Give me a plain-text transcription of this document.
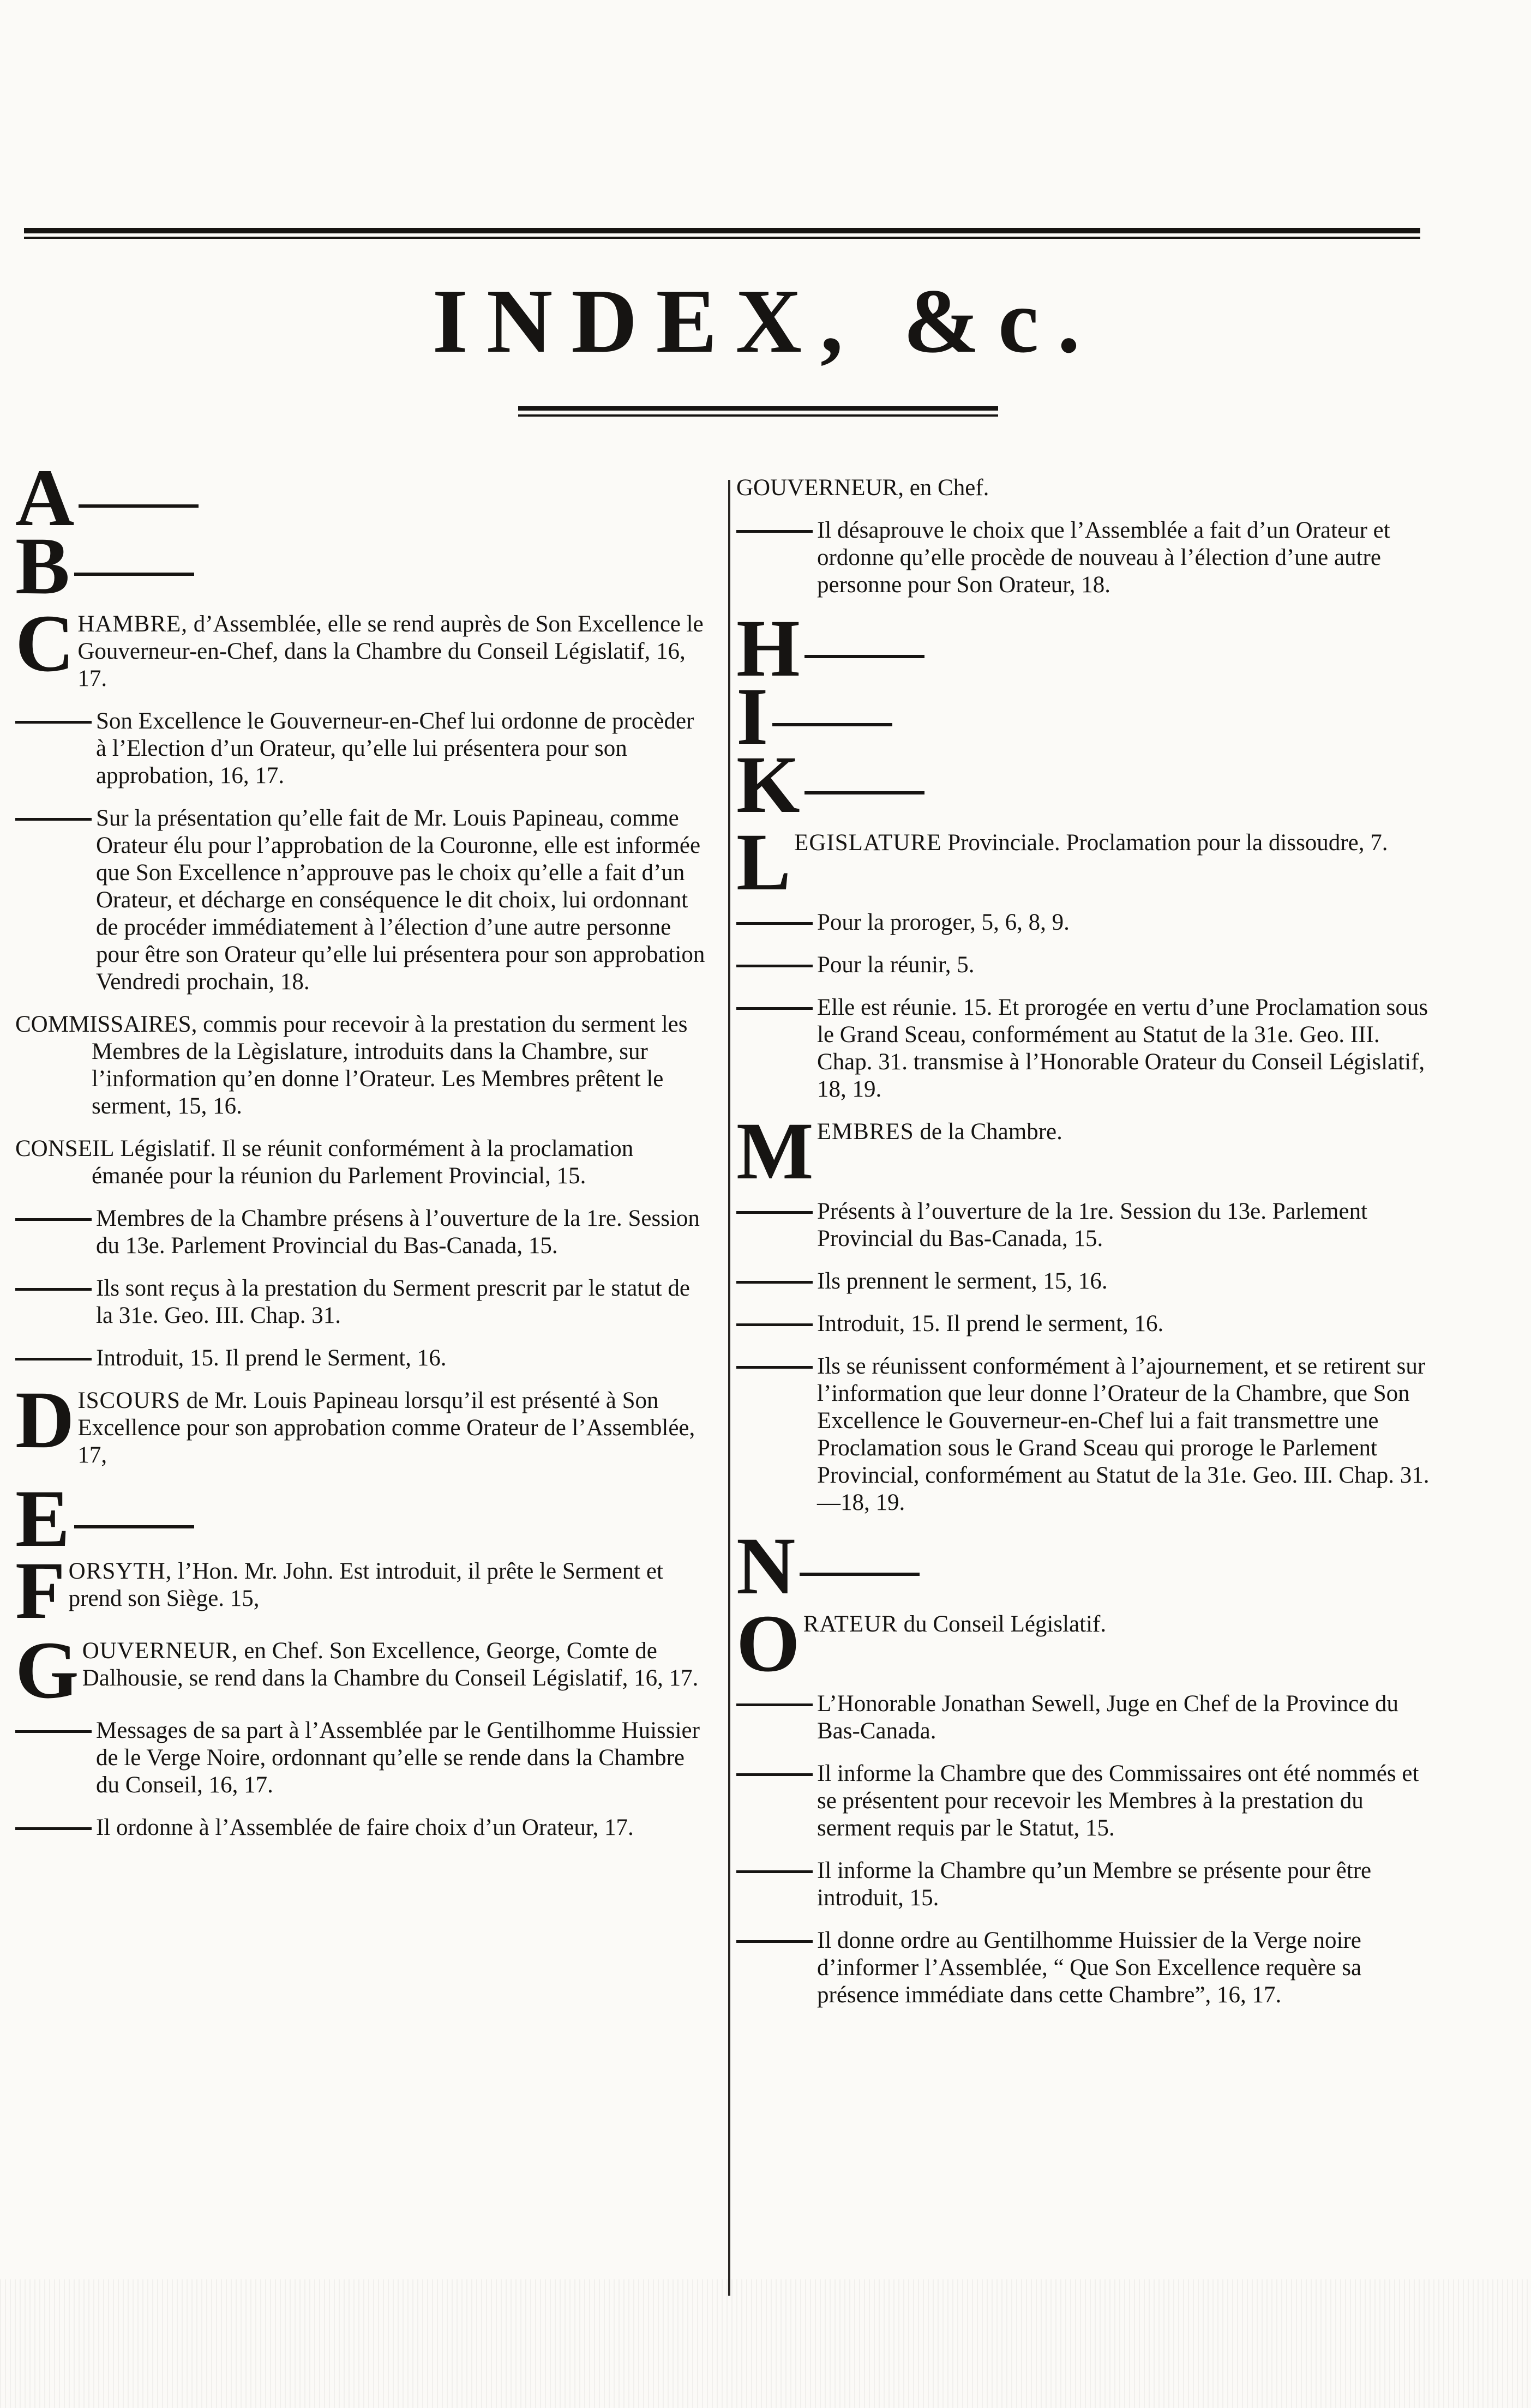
INDEX, &c.
A
B
C HAMBRE, d’Assemblée, elle se rend auprès de Son Excellence le Gouverneur-en-Chef, dans la Chambre du Conseil Législatif, 16, 17.
Son Excellence le Gouverneur-en-Chef lui ordonne de procèder à l’Election d’un Orateur, qu’elle lui présentera pour son approbation, 16, 17.
Sur la présentation qu’elle fait de Mr. Louis Papineau, comme Orateur élu pour l’approbation de la Couronne, elle est informée que Son Excellence n’approuve pas le choix qu’elle a fait d’un Orateur, et décharge en conséquence le dit choix, lui ordonnant de procéder immédiatement à l’élection d’une autre personne pour être son Orateur qu’elle lui présentera pour son approbation Vendredi prochain, 18.
COMMISSAIRES, commis pour recevoir à la prestation du serment les Membres de la Lègislature, introduits dans la Chambre, sur l’information qu’en donne l’Orateur. Les Membres prêtent le serment, 15, 16.
CONSEIL Législatif. Il se réunit conformément à la proclamation émanée pour la réunion du Parlement Provincial, 15.
Membres de la Chambre présens à l’ouverture de la 1re. Session du 13e. Parlement Provincial du Bas-Canada, 15.
Ils sont reçus à la prestation du Serment prescrit par le statut de la 31e. Geo. III. Chap. 31.
Introduit, 15. Il prend le Serment, 16.
D ISCOURS de Mr. Louis Papineau lorsqu’il est présenté à Son Excellence pour son approbation comme Orateur de l’Assemblée, 17,
E
F ORSYTH, l’Hon. Mr. John. Est introduit, il prête le Serment et prend son Siège. 15,
G OUVERNEUR, en Chef. Son Excellence, George, Comte de Dalhousie, se rend dans la Chambre du Conseil Législatif, 16, 17.
Messages de sa part à l’Assemblée par le Gentilhomme Huissier de le Verge Noire, ordonnant qu’elle se rende dans la Chambre du Conseil, 16, 17.
Il ordonne à l’Assemblée de faire choix d’un Orateur, 17.
GOUVERNEUR, en Chef.
Il désaprouve le choix que l’Assemblée a fait d’un Orateur et ordonne qu’elle procède de nouveau à l’élection d’une autre personne pour Son Orateur, 18.
H
I
K
L EGISLATURE Provinciale. Proclamation pour la dissoudre, 7.
Pour la proroger, 5, 6, 8, 9.
Pour la réunir, 5.
Elle est réunie. 15. Et prorogée en vertu d’une Proclamation sous le Grand Sceau, conformément au Statut de la 31e. Geo. III. Chap. 31. transmise à l’Honorable Orateur du Conseil Législatif, 18, 19.
M EMBRES de la Chambre.
Présents à l’ouverture de la 1re. Session du 13e. Parlement Provincial du Bas-Canada, 15.
Ils prennent le serment, 15, 16.
Introduit, 15. Il prend le serment, 16.
Ils se réunissent conformément à l’ajournement, et se retirent sur l’information que leur donne l’Orateur de la Chambre, que Son Excellence le Gouverneur-en-Chef lui a fait transmettre une Proclamation sous le Grand Sceau qui proroge le Parlement Provincial, conformément au Statut de la 31e. Geo. III. Chap. 31.—18, 19.
N
O RATEUR du Conseil Législatif.
L’Honorable Jonathan Sewell, Juge en Chef de la Province du Bas-Canada.
Il informe la Chambre que des Commissaires ont été nommés et se présentent pour recevoir les Membres à la prestation du serment requis par le Statut, 15.
Il informe la Chambre qu’un Membre se présente pour être introduit, 15.
Il donne ordre au Gentilhomme Huissier de la Verge noire d’informer l’Assemblée, “ Que Son Excellence requère sa présence immédiate dans cette Chambre”, 16, 17.
